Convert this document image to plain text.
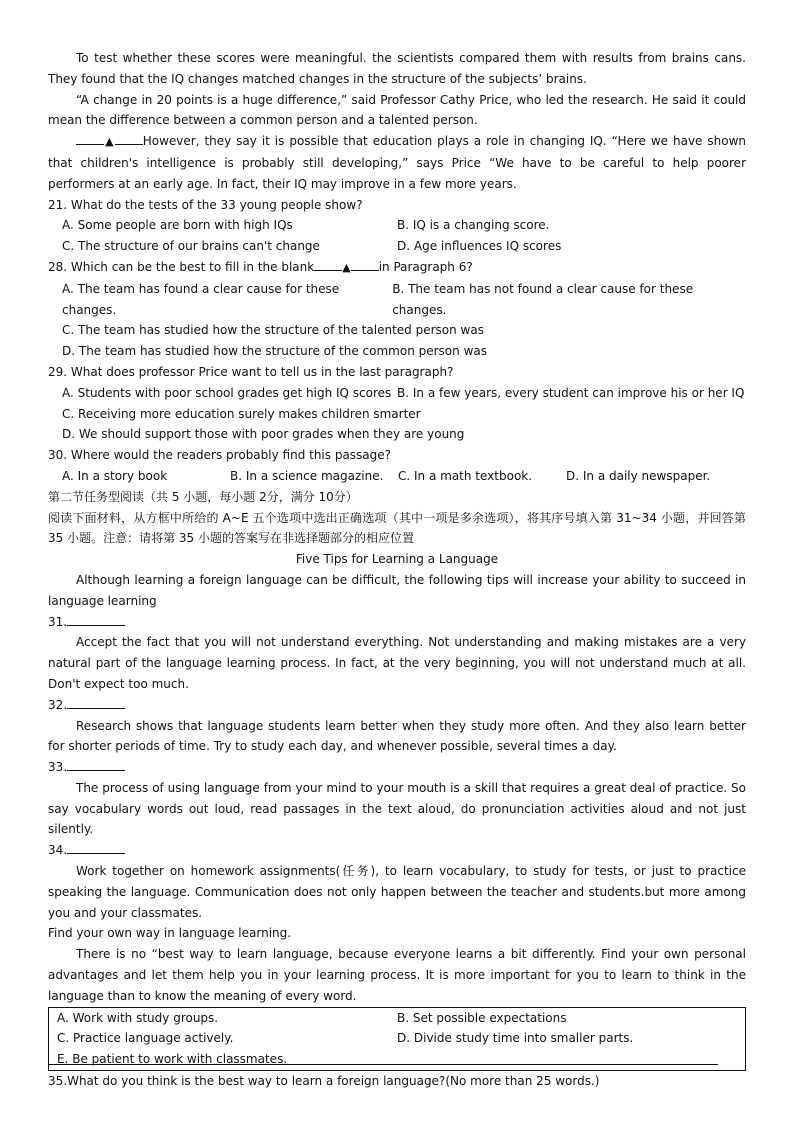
To test whether these scores were meaningful. the scientists compared them with results from brains cans. They found that the IQ changes matched changes in the structure of the subjects’ brains.

“A change in 20 points is a huge difference,” said Professor Cathy Price, who led the research. He said it could mean the difference between a common person and a talented person.

▲ However, they say it is possible that education plays a role in changing IQ. “Here we have shown that children's intelligence is probably still developing,” says Price “We have to be careful to help poorer performers at an early age. In fact, their IQ may improve in a few more years.

21. What do the tests of the 33 young people show?

A. Some people are born with high IQs	B. IQ is a changing score.
C. The structure of our brains can't change	D. Age influences IQ scores

28. Which can be the best to fill in the blank	▲ in Paragraph 6?

A. The team has found a clear cause for these changes.
B. The team has not found a clear cause for these changes.

C. The team has studied how the structure of the talented person was

D. The team has studied how the structure of the common person was

29. What does professor Price want to tell us in the last paragraph?

A. Students with poor school grades get high IQ scores B. In a few years, every student can improve his or her IQ

C. Receiving more education surely makes children smarter

D. We should support those with poor grades when they are young

30. Where would the readers probably find this passage?

A. In a story book	B. In a science magazine.	C. In a math textbook.	D. In a daily newspaper.

第二节任务型阅读（共 5 小题，每小题 2分，满分 10分）

阅读下面材料，从方框中所给的 A~E 五个选项中选出正确选项（其中一项是多余选项），将其序号填入第 31~34 小题，并回答第 35 小题。注意：请将第 35 小题的答案写在非选择题部分的相应位置

Five Tips for Learning a Language

Although learning a foreign language can be difficult, the following tips will increase your ability to succeed in language learning

31.

Accept the fact that you will not understand everything. Not understanding and making mistakes are a very natural part of the language learning process. In fact, at the very beginning, you will not understand much at all. Don't expect too much.

32.

Research shows that language students learn better when they study more often. And they also learn better for shorter periods of time. Try to study each day, and whenever possible, several times a day.

33.

The process of using language from your mind to your mouth is a skill that requires a great deal of practice. So say vocabulary words out loud, read passages in the text aloud, do pronunciation activities aloud and not just silently.

34.

Work together on homework assignments(任务), to learn vocabulary, to study for tests, or just to practice speaking the language. Communication does not only happen between the teacher and students.but more among you and your classmates.

Find your own way in language learning.

There is no “best way to learn language, because everyone learns a bit differently. Find your own personal advantages and let them help you in your learning process. It is more important for you to learn to think in the language than to know the meaning of every word.

A. Work with study groups.	B. Set possible expectations
C. Practice language actively.	D. Divide study time into smaller parts.
E. Be patient to work with classmates.

35.What do you think is the best way to learn a foreign language?(No more than 25 words.)
